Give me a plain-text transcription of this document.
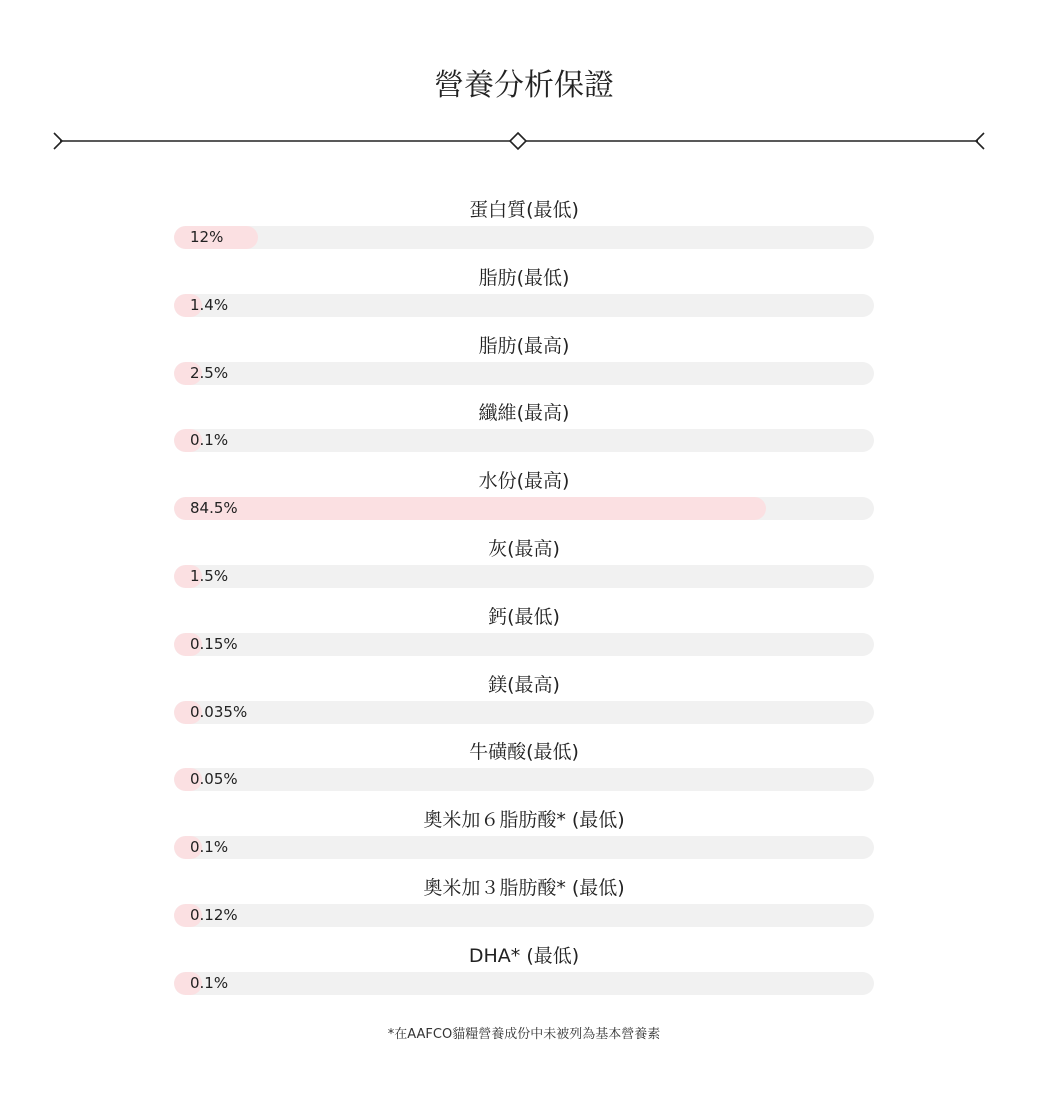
營養分析保證
蛋白質(最低)
12%
脂肪(最低)
1.4%
脂肪(最高)
2.5%
纖維(最高)
0.1%
水份(最高)
84.5%
灰(最高)
1.5%
鈣(最低)
0.15%
鎂(最高)
0.035%
牛磺酸(最低)
0.05%
奧米加６脂肪酸* (最低)
0.1%
奧米加３脂肪酸* (最低)
0.12%
DHA* (最低)
0.1%
*在AAFCO貓糧營養成份中未被列為基本營養素
